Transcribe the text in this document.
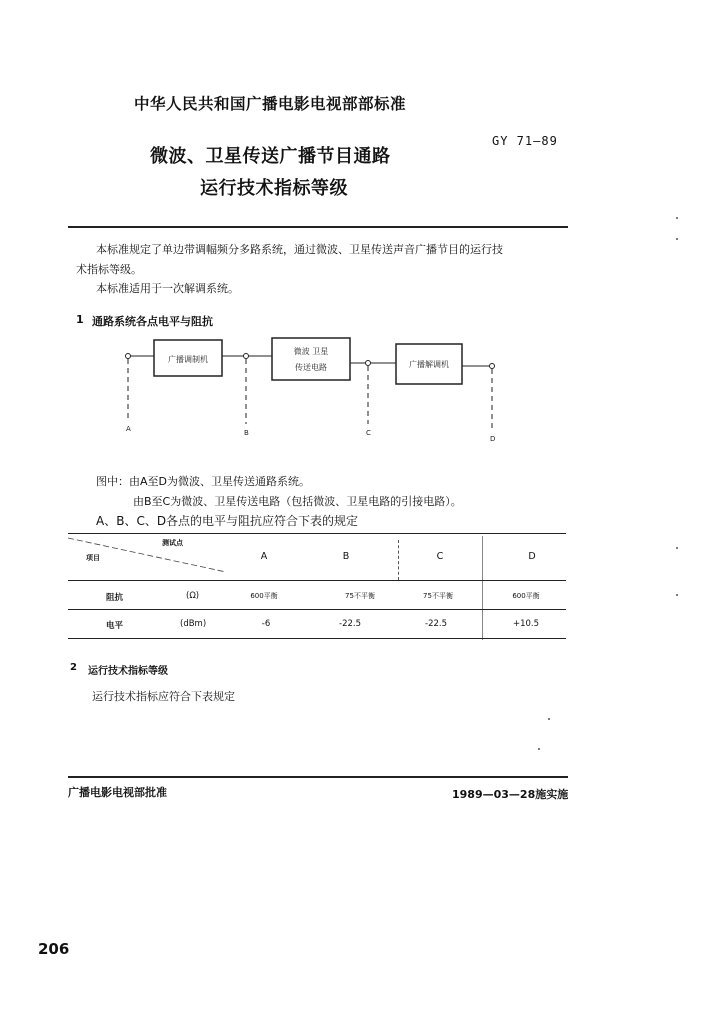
中华人民共和国广播电影电视部部标准
微波、卫星传送广播节目通路
运行技术指标等级
GY 71—89
本标准规定了单边带调幅频分多路系统，通过微波、卫星传送声音广播节目的运行技
术指标等级。
本标准适用于一次解调系统。
1 通路系统各点电平与阻抗
广播调制机
微波 卫星
传送电路	广播解调机
A	B	C
D
图中：由A至D为微波、卫星传送通路系统。
由B至C为微波、卫星传送电路（包括微波、卫星电路的引接电路）。
A、B、C、D各点的电平与阻抗应符合下表的规定
测试点
项目	A	B	C	D
阻抗	(Ω)	600平衡	75不平衡	75不平衡	600平衡
电平	(dBm)	-6	-22.5	-22.5	+10.5
2 运行技术指标等级
运行技术指标应符合下表规定
广播电影电视部批准	1989—03—28施实施
206
